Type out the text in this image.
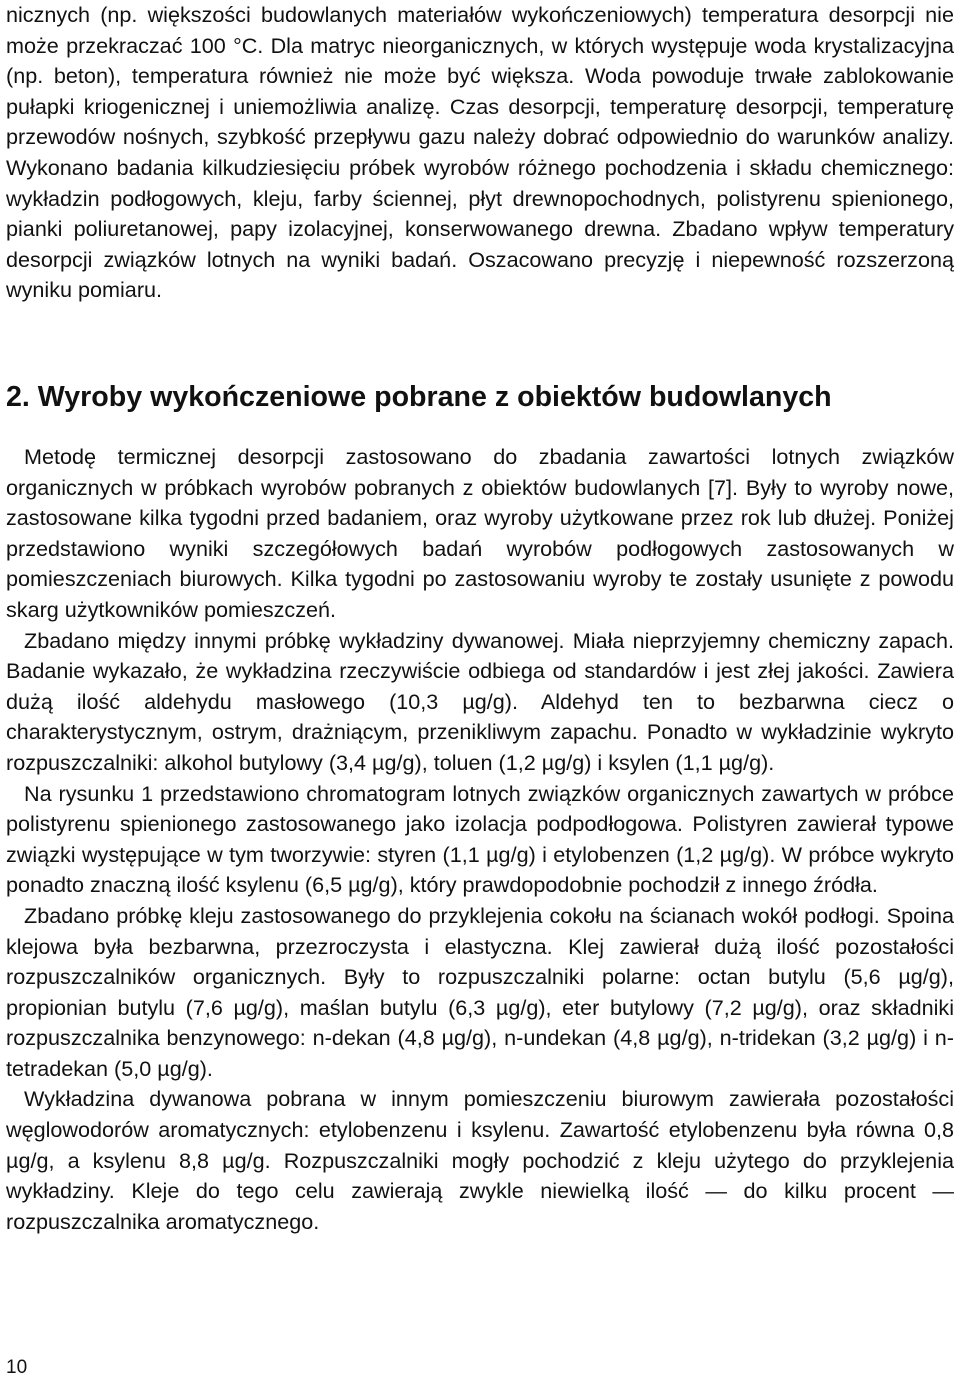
nicznych (np. większości budowlanych materiałów wykończeniowych) temperatura desorpcji nie może przekraczać 100 °C. Dla matryc nieorganicznych, w których występuje woda krystalizacyjna (np. beton), temperatura również nie może być większa. Woda powoduje trwałe zablokowanie pułapki kriogenicznej i uniemożliwia analizę. Czas desorpcji, temperaturę desorpcji, temperaturę przewodów nośnych, szybkość przepływu gazu należy dobrać odpowiednio do warunków analizy. Wykonano badania kilkudziesięciu próbek wyrobów różnego pochodzenia i składu chemicznego: wykładzin podłogowych, kleju, farby ściennej, płyt drewnopochodnych, polistyrenu spienionego, pianki poliuretanowej, papy izolacyjnej, konserwowanego drewna. Zbadano wpływ temperatury desorpcji związków lotnych na wyniki badań. Oszacowano precyzję i niepewność rozszerzoną wyniku pomiaru.

2. Wyroby wykończeniowe pobrane z obiektów budowlanych

Metodę termicznej desorpcji zastosowano do zbadania zawartości lotnych związków organicznych w próbkach wyrobów pobranych z obiektów budowlanych [7]. Były to wyroby nowe, zastosowane kilka tygodni przed badaniem, oraz wyroby użytkowane przez rok lub dłużej. Poniżej przedstawiono wyniki szczegółowych badań wyrobów podłogowych zastosowanych w pomieszczeniach biurowych. Kilka tygodni po zastosowaniu wyroby te zostały usunięte z powodu skarg użytkowników pomieszczeń.

Zbadano między innymi próbkę wykładziny dywanowej. Miała nieprzyjemny chemiczny zapach. Badanie wykazało, że wykładzina rzeczywiście odbiega od standardów i jest złej jakości. Zawiera dużą ilość aldehydu masłowego (10,3 µg/g). Aldehyd ten to bezbarwna ciecz o charakterystycznym, ostrym, drażniącym, przenikliwym zapachu. Ponadto w wykładzinie wykryto rozpuszczalniki: alkohol butylowy (3,4 µg/g), toluen (1,2 µg/g) i ksylen (1,1 µg/g).

Na rysunku 1 przedstawiono chromatogram lotnych związków organicznych zawartych w próbce polistyrenu spienionego zastosowanego jako izolacja podpodłogowa. Polistyren zawierał typowe związki występujące w tym tworzywie: styren (1,1 µg/g) i etylobenzen (1,2 µg/g). W próbce wykryto ponadto znaczną ilość ksylenu (6,5 µg/g), który prawdopodobnie pochodził z innego źródła.

Zbadano próbkę kleju zastosowanego do przyklejenia cokołu na ścianach wokół podłogi. Spoina klejowa była bezbarwna, przezroczysta i elastyczna. Klej zawierał dużą ilość pozostałości rozpuszczalników organicznych. Były to rozpuszczalniki polarne: octan butylu (5,6 µg/g), propionian butylu (7,6 µg/g), maślan butylu (6,3 µg/g), eter butylowy (7,2 µg/g), oraz składniki rozpuszczalnika benzynowego: n-dekan (4,8 µg/g), n-undekan (4,8 µg/g), n-tridekan (3,2 µg/g) i n-tetradekan (5,0 µg/g).

Wykładzina dywanowa pobrana w innym pomieszczeniu biurowym zawierała pozostałości węglowodorów aromatycznych: etylobenzenu i ksylenu. Zawartość etylobenzenu była równa 0,8 µg/g, a ksylenu 8,8 µg/g. Rozpuszczalniki mogły pochodzić z kleju użytego do przyklejenia wykładziny. Kleje do tego celu zawierają zwykle niewielką ilość — do kilku procent — rozpuszczalnika aromatycznego.

10
